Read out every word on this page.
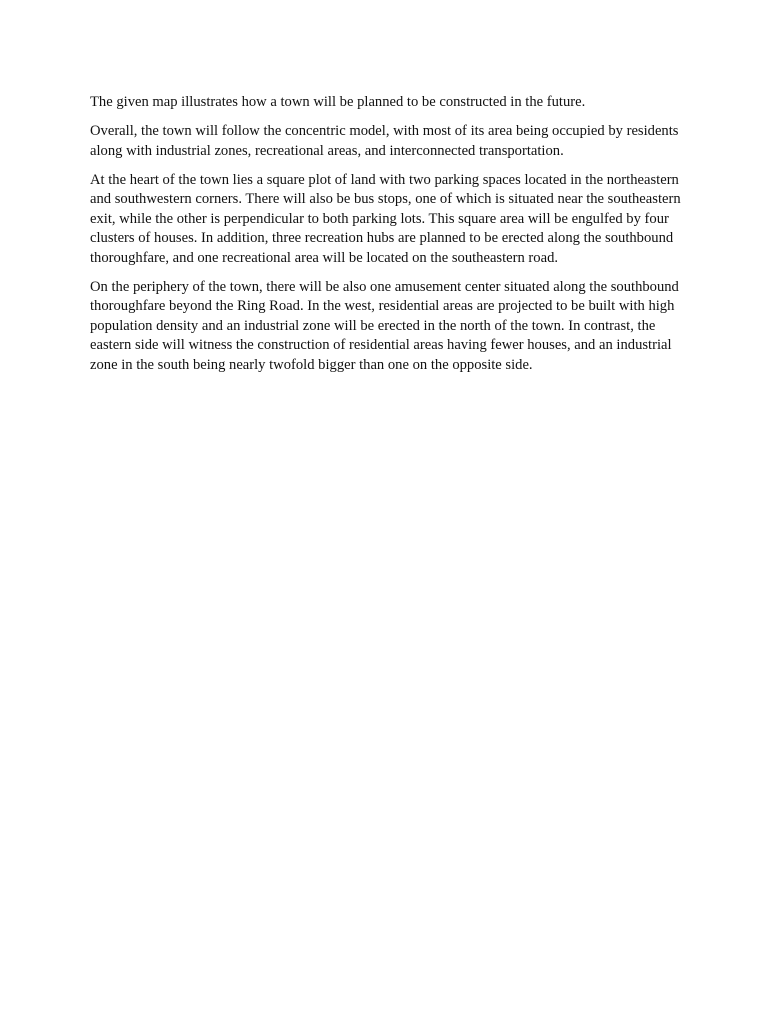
The given map illustrates how a town will be planned to be constructed in the future.

Overall, the town will follow the concentric model, with most of its area being occupied by residents along with industrial zones, recreational areas, and interconnected transportation.

At the heart of the town lies a square plot of land with two parking spaces located in the northeastern and southwestern corners. There will also be bus stops, one of which is situated near the southeastern exit, while the other is perpendicular to both parking lots. This square area will be engulfed by four clusters of houses. In addition, three recreation hubs are planned to be erected along the southbound thoroughfare, and one recreational area will be located on the southeastern road.

On the periphery of the town, there will be also one amusement center situated along the southbound thoroughfare beyond the Ring Road. In the west, residential areas are projected to be built with high population density and an industrial zone will be erected in the north of the town. In contrast, the eastern side will witness the construction of residential areas having fewer houses, and an industrial zone in the south being nearly twofold bigger than one on the opposite side.
